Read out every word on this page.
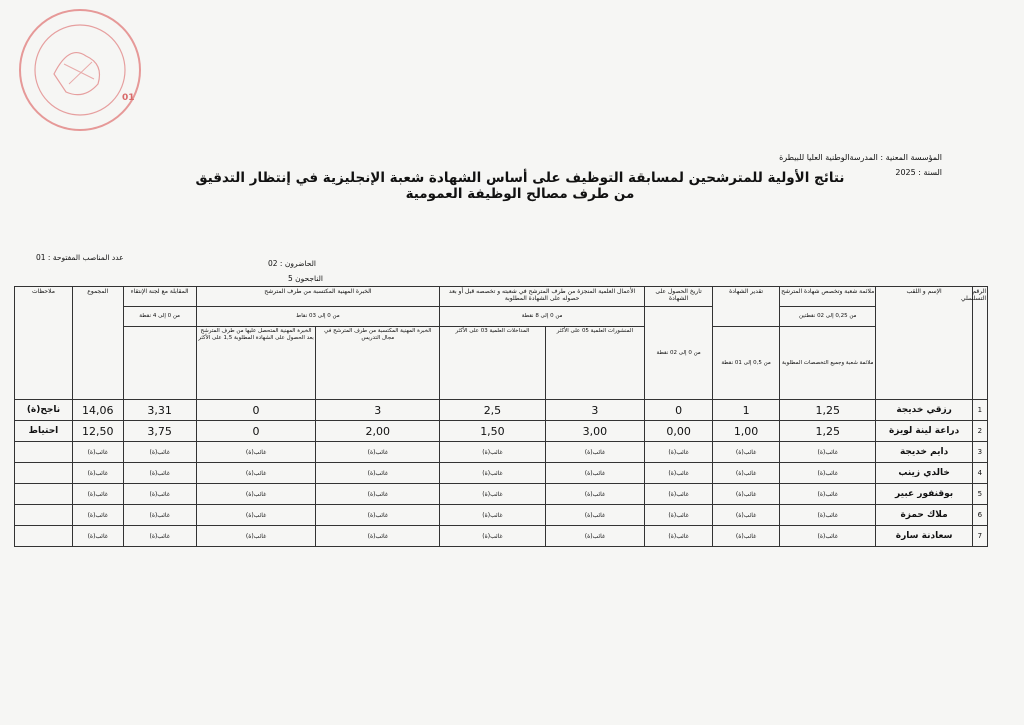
01
المؤسسة المعنية : المدرسةالوطنية العليا للبيطرة
السنة : 2025
نتائج الأولية للمترشحين لمسابقة التوظيف على أساس الشهادة شعبة الإنجليزية في إنتظار التدقيق من طرف مصالح الوظيفة العمومية
عدد المناصب المفتوحة : 01
الحاضرون : 02
الناجحون 5
الرقم التسلسلي	الإسم و اللقب	ملائمة شعبة وتخصص شهادة المترشح	تقدير الشهادة	تاريخ الحصول على الشهادة	الأعمال العلمية المنجزة من طرف المترشح في شعبته و تخصصه قبل أو بعد حصوله على الشهادة المطلوبة		الخبرة المهنية المكتسبة من طرف المترشح		المقابلة مع لجنة الإنتقاء	المجموع	ملاحظات
		من 0,25 إلى 02 نقطتين		من 0 إلى 02 نقطة	من 0 إلى 8 نقطة		من 0 إلى 03 نقاط		من 0 إلى 4 نقطة		
		ملائمة شعبة وجميع التخصصات المطلوبة	من 0,5 إلى 01 نقطة		المنشورات العلمية 05 على الأكثر	المداخلات العلمية 03 على الأكثر	الخبرة المهنية المكتسبة من طرف المترشح في مجال التدريس	الخبرة المهنية المتحصل عليها من طرف المترشح بعد الحصول على الشهادة المطلوبة 1,5 على الأكثر			
1	رزقي خديجة	1,25	1	0	3	2,5	3	0	3,31	14,06	ناجح(ة)
2	دراعة لينة لويزة	1,25	1,00	0,00	3,00	1,50	2,00	0	3,75	12,50	احتياط
3	دايم خديجة	غائب(ة)	غائب(ة)	غائب(ة)	غائب(ة)	غائب(ة)	غائب(ة)	غائب(ة)	غائب(ة)	غائب(ة)	
4	خالدي زينب	غائب(ة)	غائب(ة)	غائب(ة)	غائب(ة)	غائب(ة)	غائب(ة)	غائب(ة)	غائب(ة)	غائب(ة)	
5	بوقنفور عبير	غائب(ة)	غائب(ة)	غائب(ة)	غائب(ة)	غائب(ة)	غائب(ة)	غائب(ة)	غائب(ة)	غائب(ة)	
6	ملاك حمزة	غائب(ة)	غائب(ة)	غائب(ة)	غائب(ة)	غائب(ة)	غائب(ة)	غائب(ة)	غائب(ة)	غائب(ة)	
7	سعادنة سارة	غائب(ة)	غائب(ة)	غائب(ة)	غائب(ة)	غائب(ة)	غائب(ة)	غائب(ة)	غائب(ة)	غائب(ة)	
